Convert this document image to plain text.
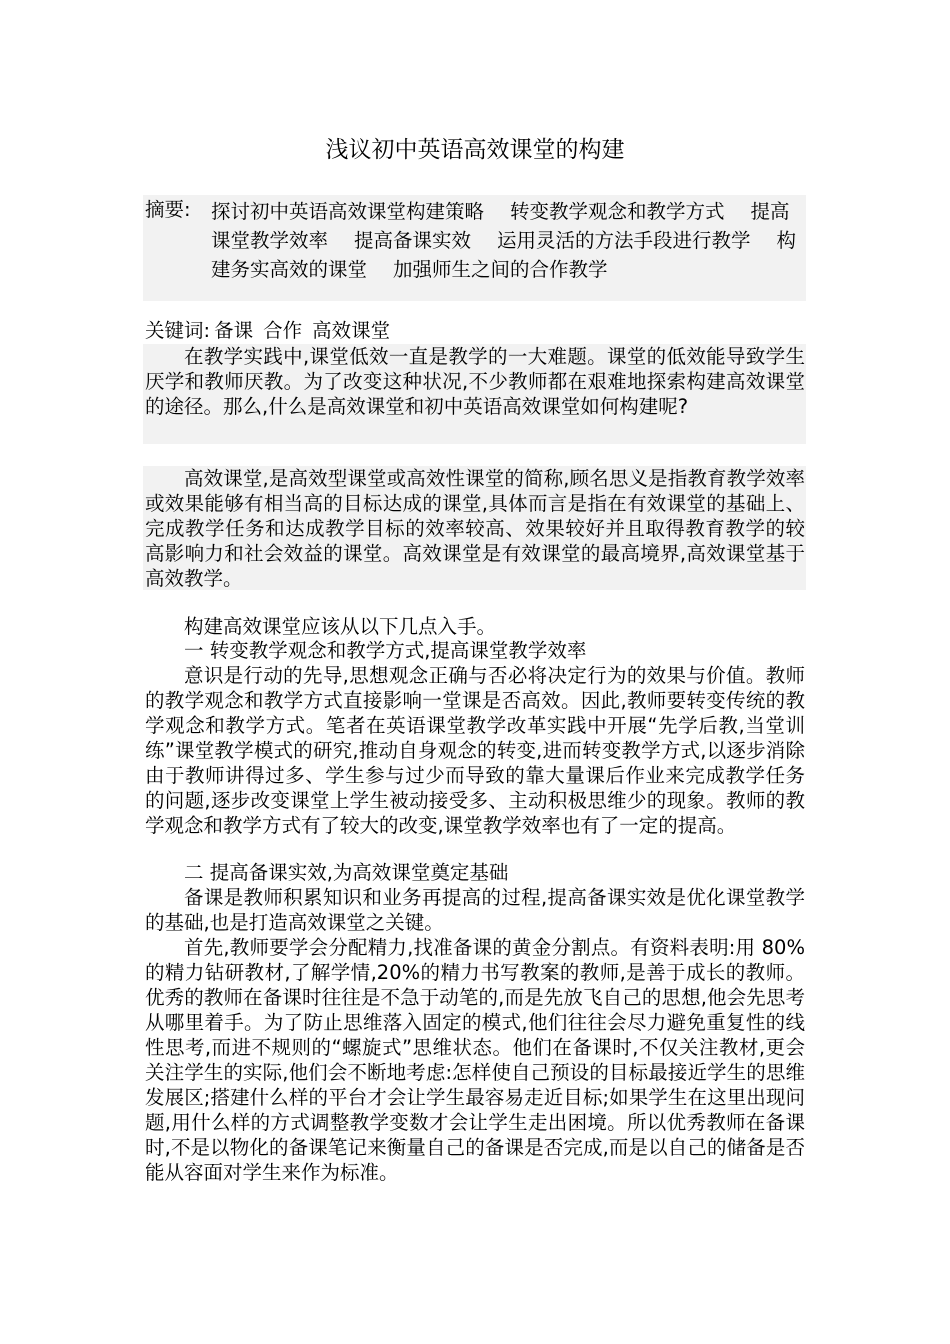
浅议初中英语高效课堂的构建
摘要: 探讨初中英语高效课堂构建策略 转变教学观念和教学方式 提高课堂教学效率 提高备课实效 运用灵活的方法手段进行教学 构建务实高效的课堂 加强师生之间的合作教学
关键词: 备课 合作 高效课堂

在教学实践中,课堂低效一直是教学的一大难题。课堂的低效能导致学生厌学和教师厌教。为了改变这种状况,不少教师都在艰难地探索构建高效课堂的途径。那么,什么是高效课堂和初中英语高效课堂如何构建呢?

高效课堂,是高效型课堂或高效性课堂的简称,顾名思义是指教育教学效率或效果能够有相当高的目标达成的课堂,具体而言是指在有效课堂的基础上、完成教学任务和达成教学目标的效率较高、效果较好并且取得教育教学的较高影响力和社会效益的课堂。高效课堂是有效课堂的最高境界,高效课堂基于高效教学。

构建高效课堂应该从以下几点入手。

一 转变教学观念和教学方式,提高课堂教学效率

意识是行动的先导,思想观念正确与否必将决定行为的效果与价值。教师的教学观念和教学方式直接影响一堂课是否高效。因此,教师要转变传统的教学观念和教学方式。笔者在英语课堂教学改革实践中开展“先学后教,当堂训练”课堂教学模式的研究,推动自身观念的转变,进而转变教学方式,以逐步消除由于教师讲得过多、学生参与过少而导致的靠大量课后作业来完成教学任务的问题,逐步改变课堂上学生被动接受多、主动积极思维少的现象。教师的教学观念和教学方式有了较大的改变,课堂教学效率也有了一定的提高。

二 提高备课实效,为高效课堂奠定基础

备课是教师积累知识和业务再提高的过程,提高备课实效是优化课堂教学的基础,也是打造高效课堂之关键。

首先,教师要学会分配精力,找准备课的黄金分割点。有资料表明:用 80%的精力钻研教材,了解学情,20%的精力书写教案的教师,是善于成长的教师。优秀的教师在备课时往往是不急于动笔的,而是先放飞自己的思想,他会先思考从哪里着手。为了防止思维落入固定的模式,他们往往会尽力避免重复性的线性思考,而进不规则的“螺旋式”思维状态。他们在备课时,不仅关注教材,更会关注学生的实际,他们会不断地考虑:怎样使自己预设的目标最接近学生的思维发展区;搭建什么样的平台才会让学生最容易走近目标;如果学生在这里出现问题,用什么样的方式调整教学变数才会让学生走出困境。所以优秀教师在备课时,不是以物化的备课笔记来衡量自己的备课是否完成,而是以自己的储备是否能从容面对学生来作为标准。
